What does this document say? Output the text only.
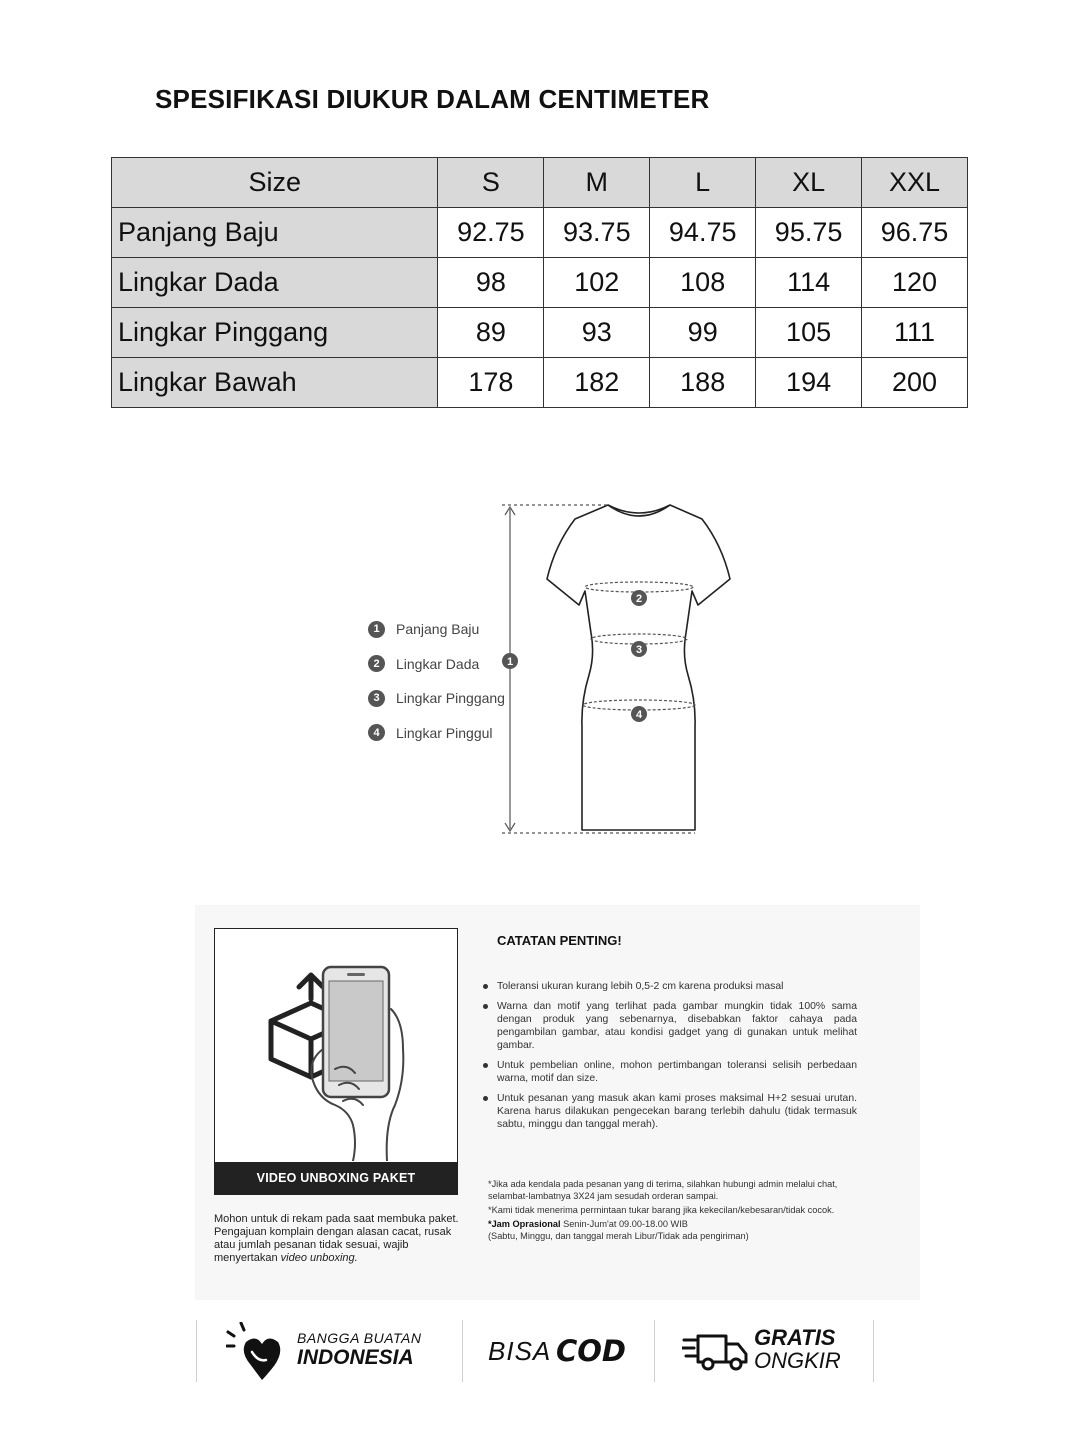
SPESIFIKASI DIUKUR DALAM CENTIMETER
Size	S	M	L	XL	XXL
Panjang Baju	92.75	93.75	94.75	95.75	96.75
Lingkar Dada	98	102	108	114	120
Lingkar Pinggang	89	93	99	105	111
Lingkar Bawah	178	182	188	194	200
1
2
3
4
1	Panjang Baju
2	Lingkar Dada
3	Lingkar Pinggang
4	Lingkar Pinggul
VIDEO UNBOXING PAKET
Mohon untuk di rekam pada saat membuka paket. Pengajuan komplain dengan alasan cacat, rusak atau jumlah pesanan tidak sesuai, wajib menyertakan video unboxing.
CATATAN PENTING!
Toleransi ukuran kurang lebih 0,5-2 cm karena produksi masal
Warna dan motif yang terlihat pada gambar mungkin tidak 100% sama dengan produk yang sebenarnya, disebabkan faktor cahaya pada pengambilan gambar, atau kondisi gadget yang di gunakan untuk melihat gambar.
Untuk pembelian online, mohon pertimbangan toleransi selisih perbedaan warna, motif dan size.
Untuk pesanan yang masuk akan kami proses maksimal H+2 sesuai urutan. Karena harus dilakukan pengecekan barang terlebih dahulu (tidak termasuk sabtu, minggu dan tanggal merah).

*Jika ada kendala pada pesanan yang di terima, silahkan hubungi admin melalui chat, selambat-lambatnya 3X24 jam sesudah orderan sampai.

*Kami tidak menerima permintaan tukar barang jika kekecilan/kebesaran/tidak cocok.

*Jam Oprasional Senin-Jum'at 09.00-18.00 WIB
(Sabtu, Minggu, dan tanggal merah Libur/Tidak ada pengiriman)

BANGGA BUATAN
INDONESIA	BISA COD	GRATIS
ONGKIR
